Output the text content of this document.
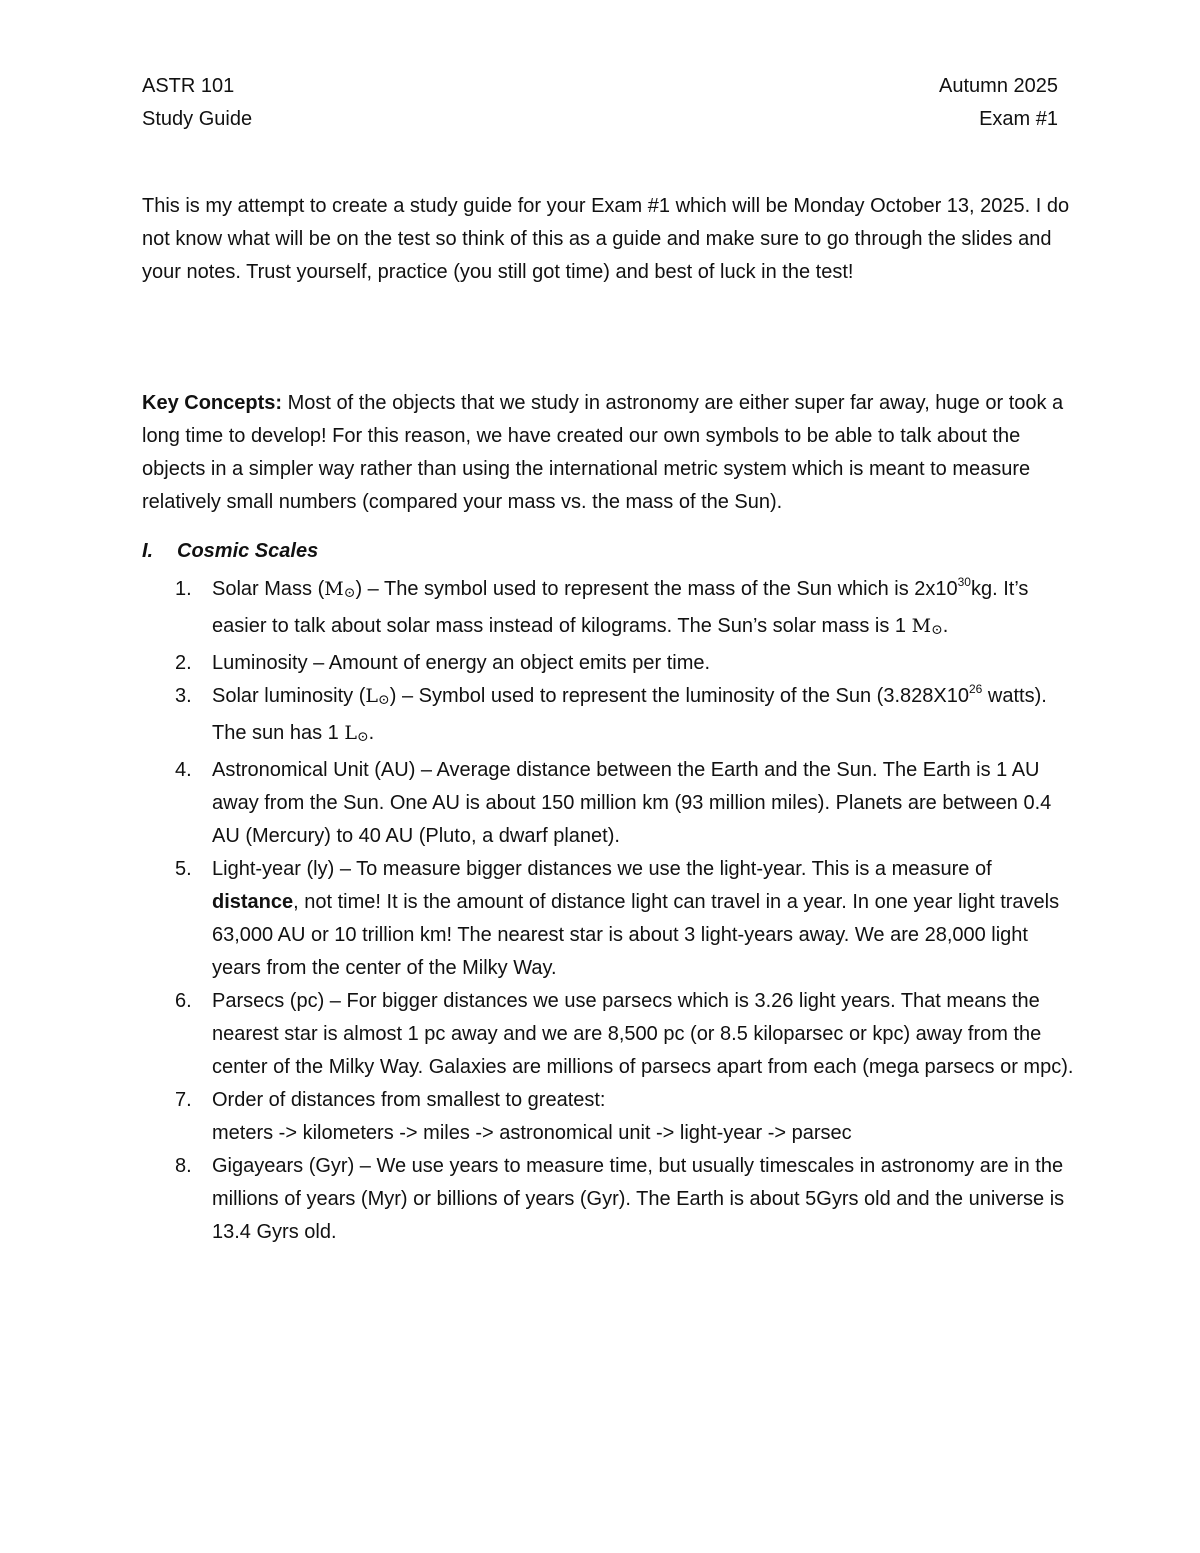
ASTR 101
Study Guide
Autumn 2025
Exam #1

This is my attempt to create a study guide for your Exam #1 which will be Monday October 13, 2025. I do not know what will be on the test so think of this as a guide and make sure to go through the slides and your notes. Trust yourself, practice (you still got time) and best of luck in the test!

Key Concepts: Most of the objects that we study in astronomy are either super far away, huge or took a long time to develop! For this reason, we have created our own symbols to be able to talk about the objects in a simpler way rather than using the international metric system which is meant to measure relatively small numbers (compared your mass vs. the mass of the Sun).

I. Cosmic Scales
1. Solar Mass (M⊙) – The symbol used to represent the mass of the Sun which is $2x10^{30}kg$. It’s easier to talk about solar mass instead of kilograms. The Sun’s solar mass is 1 M⊙.
2. Luminosity – Amount of energy an object emits per time.
3. Solar luminosity (L⊙) – Symbol used to represent the luminosity of the Sun ($3.828X10^{26}$ watts). The sun has 1 L⊙.
4. Astronomical Unit (AU) – Average distance between the Earth and the Sun. The Earth is 1 AU away from the Sun. One AU is about 150 million km (93 million miles). Planets are between 0.4 AU (Mercury) to 40 AU (Pluto, a dwarf planet).
5. Light-year (ly) – To measure bigger distances we use the light-year. This is a measure of distance, not time! It is the amount of distance light can travel in a year. In one year light travels 63,000 AU or 10 trillion km! The nearest star is about 3 light-years away. We are 28,000 light years from the center of the Milky Way.
6. Parsecs (pc) – For bigger distances we use parsecs which is 3.26 light years. That means the nearest star is almost 1 pc away and we are 8,500 pc (or 8.5 kiloparsec or kpc) away from the center of the Milky Way. Galaxies are millions of parsecs apart from each (mega parsecs or mpc).
7. Order of distances from smallest to greatest:
meters -> kilometers -> miles -> astronomical unit -> light-year -> parsec
8. Gigayears (Gyr) – We use years to measure time, but usually timescales in astronomy are in the millions of years (Myr) or billions of years (Gyr). The Earth is about 5Gyrs old and the universe is 13.4 Gyrs old.
